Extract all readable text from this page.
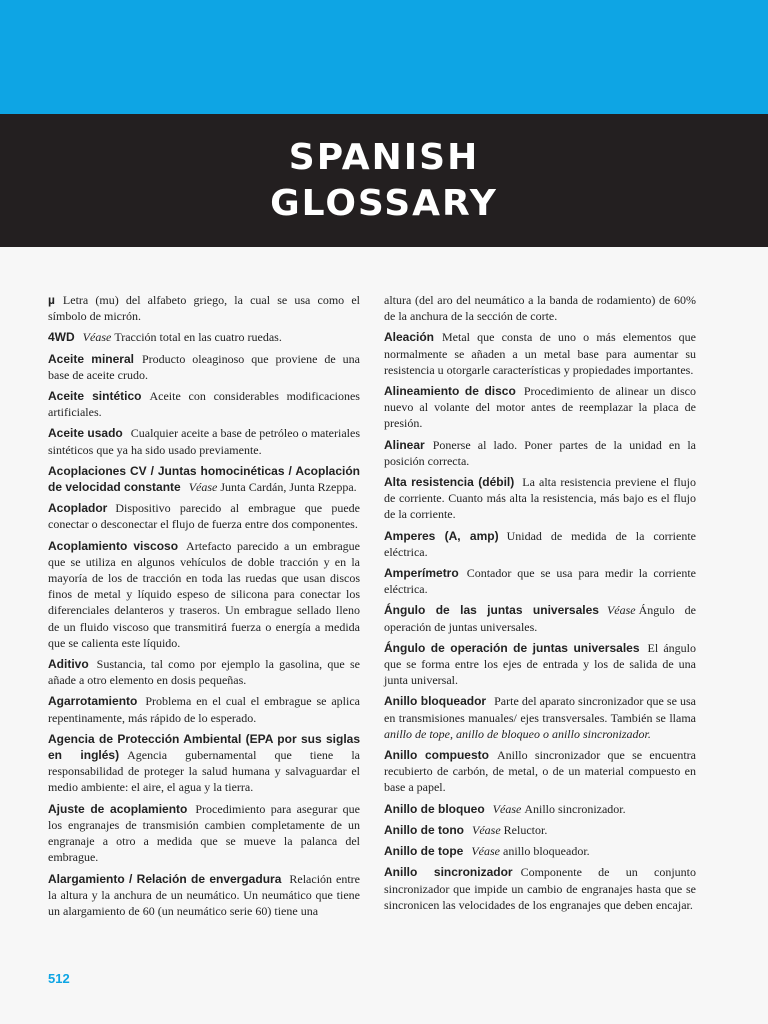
SPANISH
GLOSSARY

µ Letra (mu) del alfabeto griego, la cual se usa como el símbolo de micrón.

4WD Véase Tracción total en las cuatro ruedas.

Aceite mineral Producto oleaginoso que proviene de una base de aceite crudo.

Aceite sintético Aceite con considerables modificaciones artificiales.

Aceite usado Cualquier aceite a base de petróleo o materiales sintéticos que ya ha sido usado previamente.

Acoplaciones CV / Juntas homocinéticas / Acoplación de velocidad constante Véase Junta Cardán, Junta Rzeppa.

Acoplador Dispositivo parecido al embrague que puede conectar o desconectar el flujo de fuerza entre dos componentes.

Acoplamiento viscoso Artefacto parecido a un embrague que se utiliza en algunos vehículos de doble tracción y en la mayoría de los de tracción en toda las ruedas que usan discos finos de metal y líquido espeso de silicona para conectar los diferenciales delanteros y traseros. Un embrague sellado lleno de un fluido viscoso que transmitirá fuerza o energía a medida que se calienta este líquido.

Aditivo Sustancia, tal como por ejemplo la gasolina, que se añade a otro elemento en dosis pequeñas.

Agarrotamiento Problema en el cual el embrague se aplica repentinamente, más rápido de lo esperado.

Agencia de Protección Ambiental (EPA por sus siglas en inglés) Agencia gubernamental que tiene la responsabilidad de proteger la salud humana y salvaguardar el medio ambiente: el aire, el agua y la tierra.

Ajuste de acoplamiento Procedimiento para asegurar que los engranajes de transmisión cambien completamente de un engranaje a otro a medida que se mueve la palanca del embrague.

Alargamiento / Relación de envergadura Relación entre la altura y la anchura de un neumático. Un neumático que tiene un alargamiento de 60 (un neumático serie 60) tiene una

altura (del aro del neumático a la banda de rodamiento) de 60% de la anchura de la sección de corte.

Aleación Metal que consta de uno o más elementos que normalmente se añaden a un metal base para aumentar su resistencia u otorgarle características y propiedades importantes.

Alineamiento de disco Procedimiento de alinear un disco nuevo al volante del motor antes de reemplazar la placa de presión.

Alinear Ponerse al lado. Poner partes de la unidad en la posición correcta.

Alta resistencia (débil) La alta resistencia previene el flujo de corriente. Cuanto más alta la resistencia, más bajo es el flujo de la corriente.

Amperes (A, amp) Unidad de medida de la corriente eléctrica.

Amperímetro Contador que se usa para medir la corriente eléctrica.

Ángulo de las juntas universales Véase Ángulo de operación de juntas universales.

Ángulo de operación de juntas universales El ángulo que se forma entre los ejes de entrada y los de salida de una junta universal.

Anillo bloqueador Parte del aparato sincronizador que se usa en transmisiones manuales/ ejes transversales. También se llama anillo de tope, anillo de bloqueo o anillo sincronizador.

Anillo compuesto Anillo sincronizador que se encuentra recubierto de carbón, de metal, o de un material compuesto en base a papel.

Anillo de bloqueo Véase Anillo sincronizador.

Anillo de tono Véase Reluctor.

Anillo de tope Véase anillo bloqueador.

Anillo sincronizador Componente de un conjunto sincronizador que impide un cambio de engranajes hasta que se sincronicen las velocidades de los engranajes que deben encajar.

512
